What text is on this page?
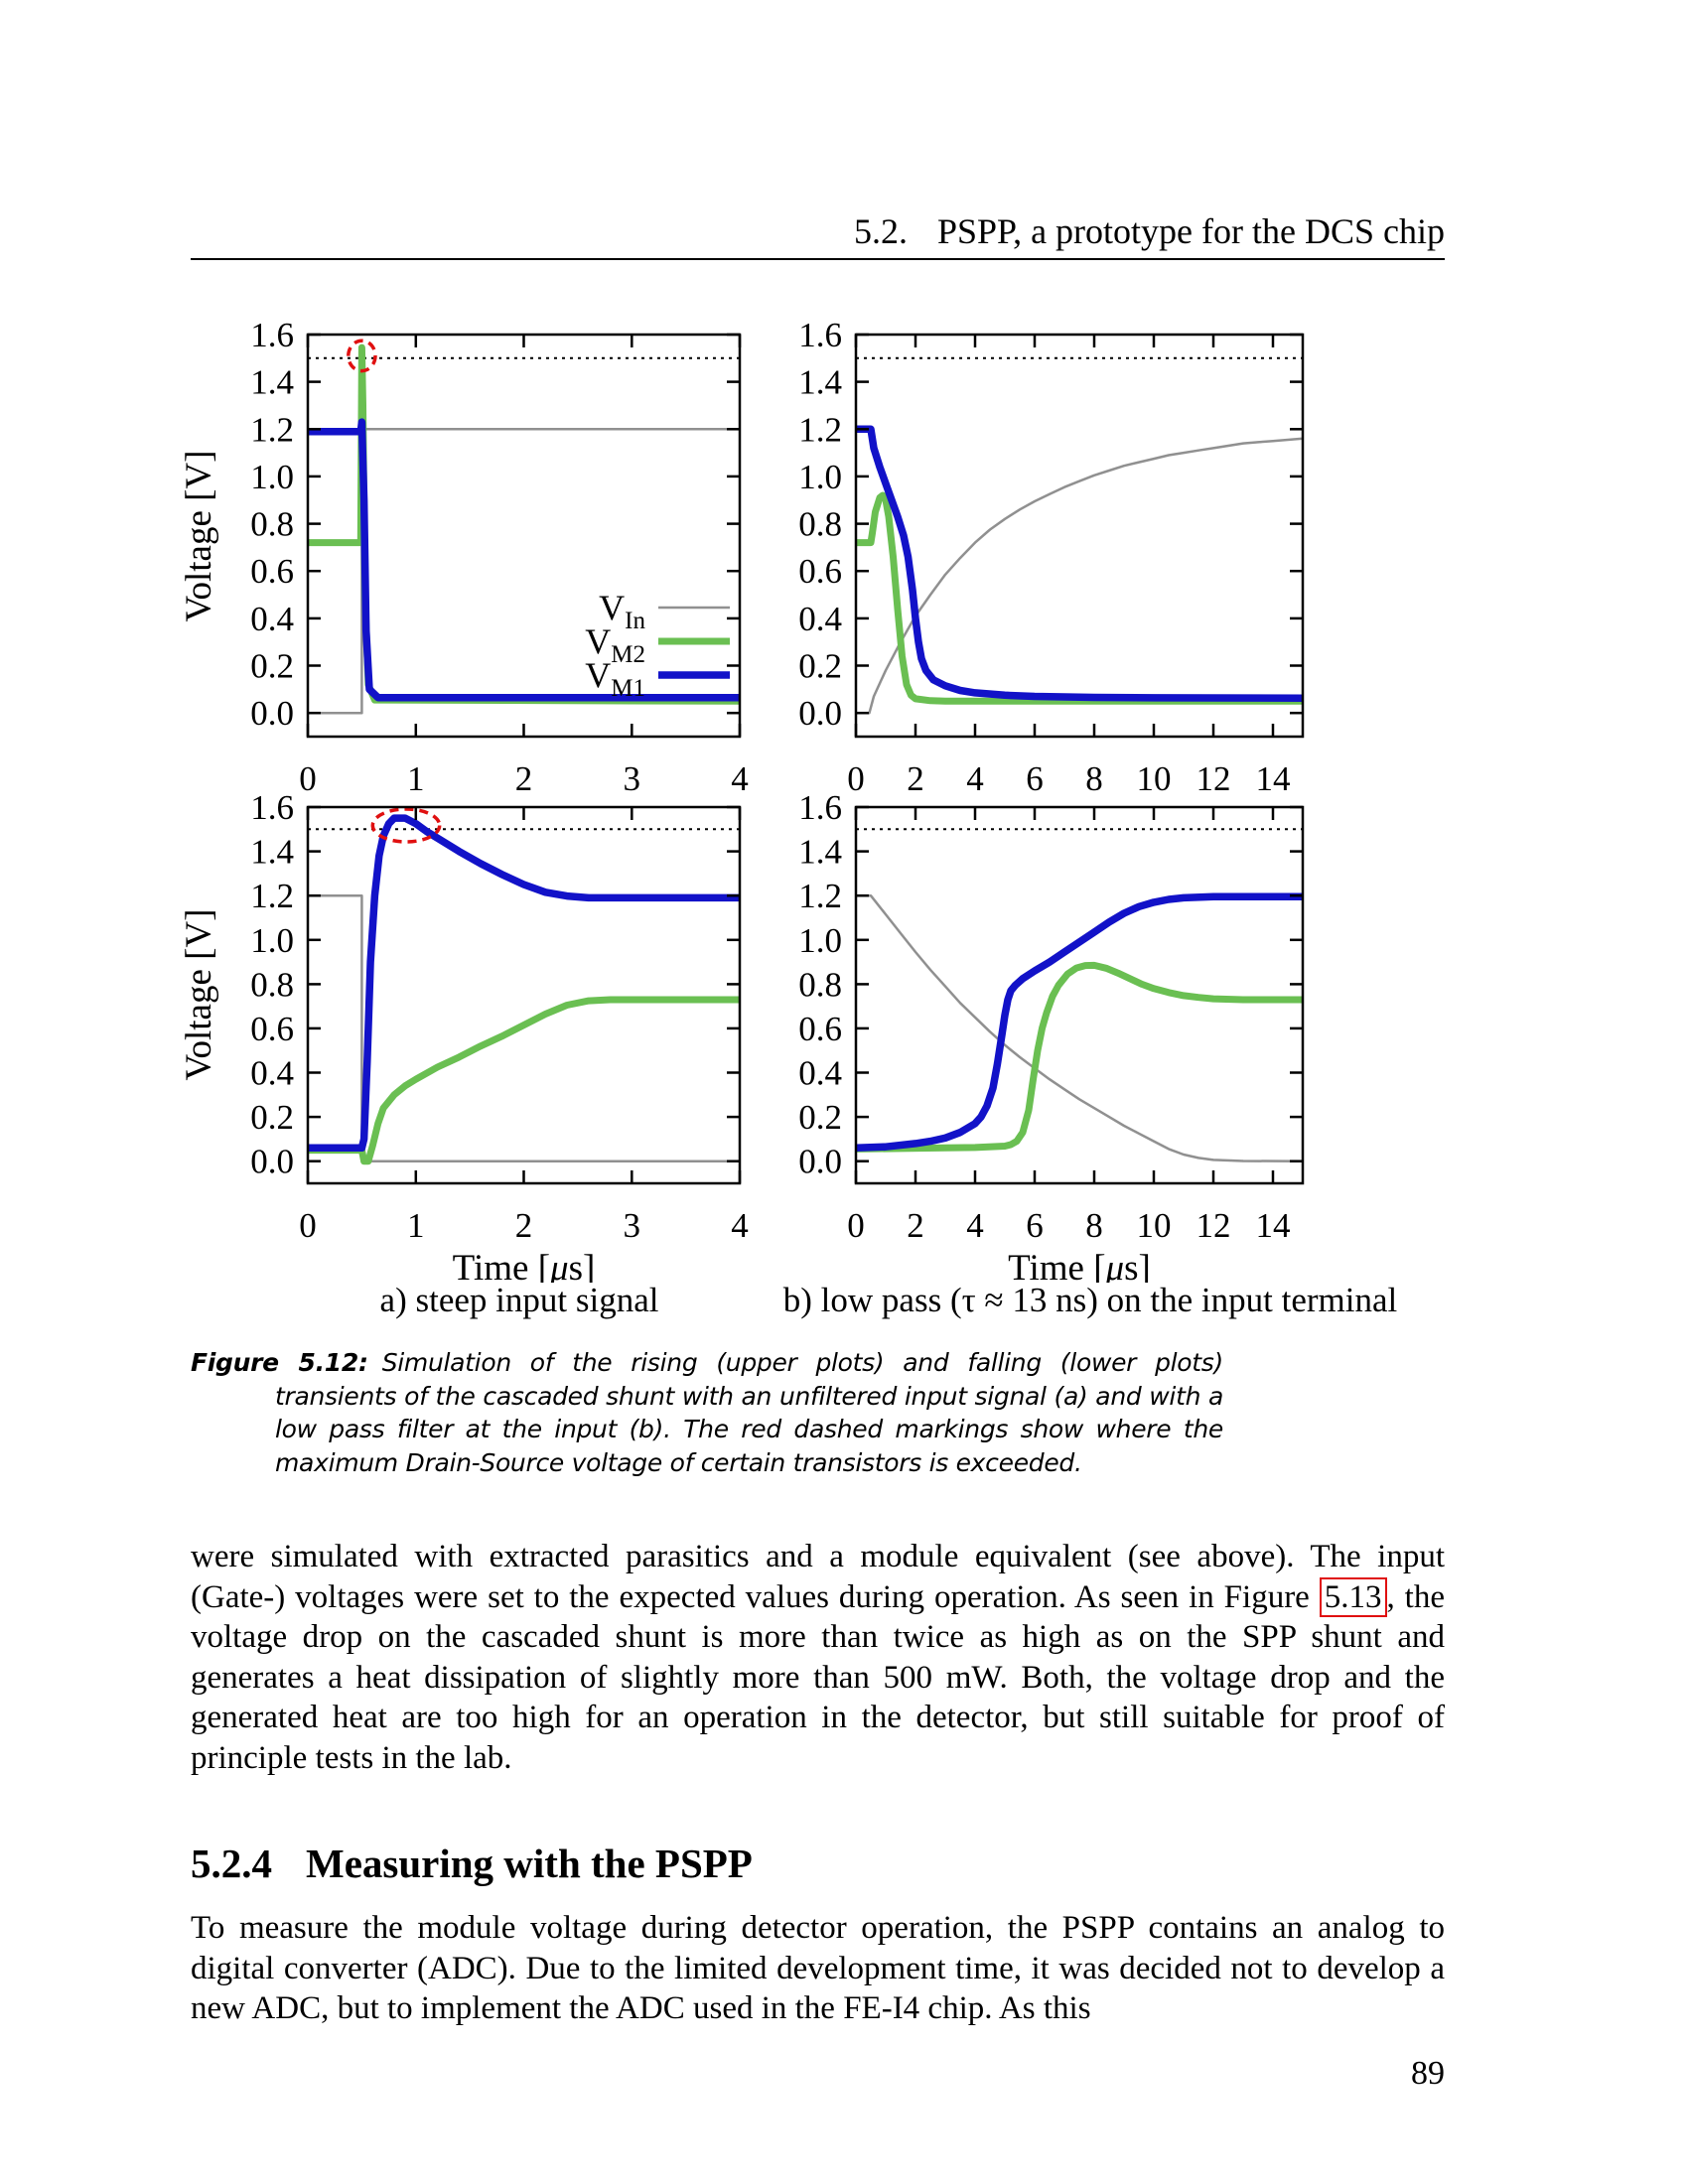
5.2. PSPP, a prototype for the DCS chip
0	1	2	3	4
0.0
0.2
0.4
0.6
0.8
1.0
1.2
1.4
1.6
$V_{In}$
$V_{M2}$
$V_{M1}$
0 2 4 6 8 10 12 14
0.0
0.2
0.4
0.6
0.8
1.0
1.2
1.4
1.6
0	1	2	3	4
0.0
0.2
0.4
0.6
0.8
1.0
1.2
1.4
1.6
Time [μs]
0 2 4 6 8 10 12 14
0.0
0.2
0.4
0.6
0.8
1.0
1.2
1.4
1.6
Time [μs]
Voltage [V]
Voltage [V]
a) steep input signal	b) low pass (τ ≈ 13 ns) on the input terminal
Figure 5.12: Simulation of the rising (upper plots) and falling (lower plots) transients of the cascaded shunt with an unfiltered input signal (a) and with a low pass filter at the input (b). The red dashed markings show where the maximum Drain-Source voltage of certain transistors is exceeded.
were simulated with extracted parasitics and a module equivalent (see above). The input (Gate-) voltages were set to the expected values during operation. As seen in Figure 5.13 , the voltage drop on the cascaded shunt is more than twice as high as on the SPP shunt and generates a heat dissipation of slightly more than 500 mW. Both, the voltage drop and the generated heat are too high for an operation in the detector, but still suitable for proof of principle tests in the lab.
5.2.4 Measuring with the PSPP
To measure the module voltage during detector operation, the PSPP contains an analog to digital converter (ADC). Due to the limited development time, it was decided not to develop a new ADC, but to implement the ADC used in the FE-I4 chip. As this
89
